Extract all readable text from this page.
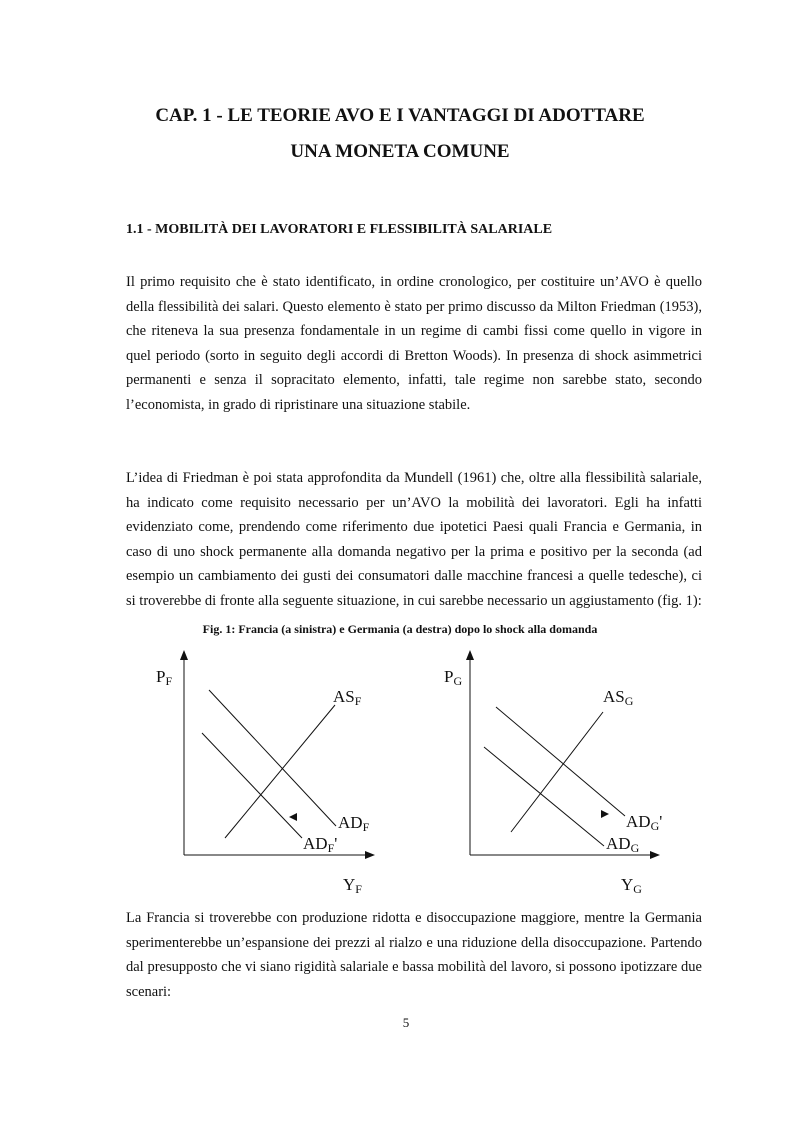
CAP. 1 - LE TEORIE AVO E I VANTAGGI DI ADOTTARE
UNA MONETA COMUNE
1.1 - MOBILITÀ DEI LAVORATORI E FLESSIBILITÀ SALARIALE

Il primo requisito che è stato identificato, in ordine cronologico, per costituire un’AVO è quello della flessibilità dei salari. Questo elemento è stato per primo discusso da Milton Friedman (1953), che riteneva la sua presenza fondamentale in un regime di cambi fissi come quello in vigore in quel periodo (sorto in seguito degli accordi di Bretton Woods). In presenza di shock asimmetrici permanenti e senza il sopracitato elemento, infatti, tale regime non sarebbe stato, secondo l’economista, in grado di ripristinare una situazione stabile.

L’idea di Friedman è poi stata approfondita da Mundell (1961) che, oltre alla flessibilità salariale, ha indicato come requisito necessario per un’AVO la mobilità dei lavoratori. Egli ha infatti evidenziato come, prendendo come riferimento due ipotetici Paesi quali Francia e Germania, in caso di uno shock permanente alla domanda negativo per la prima e positivo per la seconda (ad esempio un cambiamento dei gusti dei consumatori dalle macchine francesi a quelle tedesche), ci si troverebbe di fronte alla seguente situazione, in cui sarebbe necessario un aggiustamento (fig. 1):

Fig. 1: Francia (a sinistra) e Germania (a destra) dopo lo shock alla domanda

PF
YF
ASF
ADF
ADF'
PG
YG
ASG
ADG'
ADG

La Francia si troverebbe con produzione ridotta e disoccupazione maggiore, mentre la Germania sperimenterebbe un’espansione dei prezzi al rialzo e una riduzione della disoccupazione. Partendo dal presupposto che vi siano rigidità salariale e bassa mobilità del lavoro, si possono ipotizzare due scenari:

5
